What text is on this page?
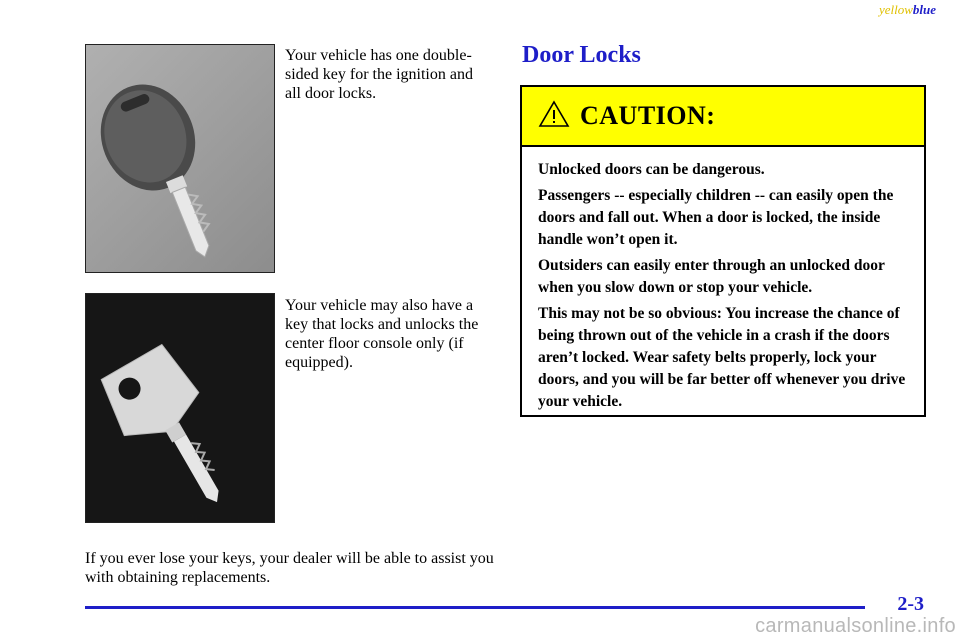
yellowblue
Your vehicle has one double-sided key for the ignition and all door locks.
Your vehicle may also have a key that locks and unlocks the center floor console only (if equipped).
If you ever lose your keys, your dealer will be able to assist you with obtaining replacements.
Door Locks
CAUTION:

Unlocked doors can be dangerous.

Passengers -- especially children -- can easily open the doors and fall out. When a door is locked, the inside handle won’t open it.

Outsiders can easily enter through an unlocked door when you slow down or stop your vehicle.

This may not be so obvious: You increase the chance of being thrown out of the vehicle in a crash if the doors aren’t locked. Wear safety belts properly, lock your doors, and you will be far better off whenever you drive your vehicle.

2-3
carmanualsonline.info
